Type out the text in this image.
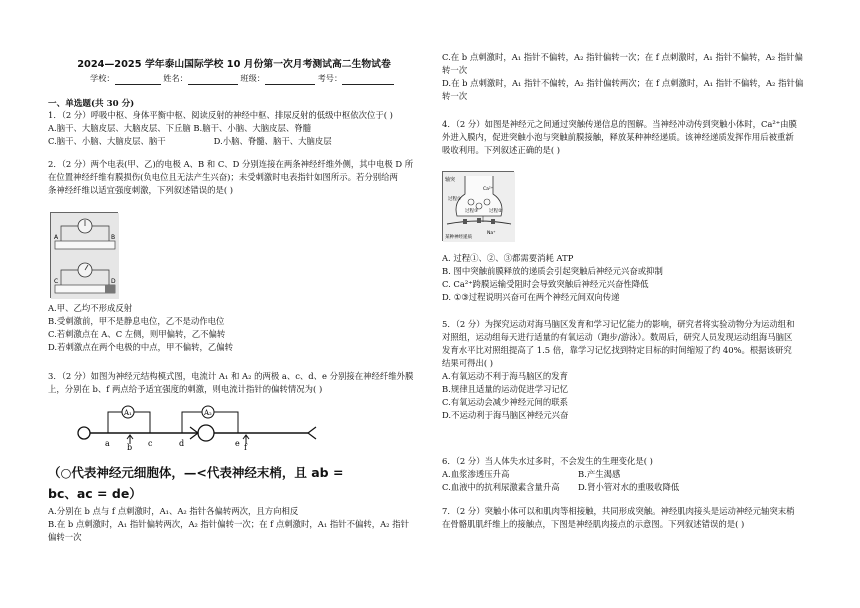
2024—2025 学年泰山国际学校 10 月份第一次月考测试高二生物试卷
学校：	姓名：	班级：	考号：
一、单选题(共 30 分)

1．（2 分）呼吸中枢、身体平衡中枢、阅读反射的神经中枢、排尿反射的低级中枢依次位于( )

A.脑干、大脑皮层、大脑皮层、下丘脑 B.脑干、小脑、大脑皮层、脊髓

C.脑干、小脑、大脑皮层、脑干	D.小脑、脊髓、脑干、大脑皮层

2．（2 分）两个电表(甲、乙)的电极 A、B 和 C、D 分别连接在两条神经纤维外侧，其中电极 D 所

在位置神经纤维有膜损伤(负电位且无法产生兴奋)；未受刺激时电表指针如图所示。若分别给两

条神经纤维以适宜强度刺激，下列叙述错误的是( )

A	B
C	D

A.甲、乙均不形成反射

B.受刺激前，甲不是静息电位，乙不是动作电位

C.若刺激点在 A、C 左侧，则甲偏转，乙不偏转

D.若刺激点在两个电极的中点，甲不偏转，乙偏转

3．（2 分）如图为神经元结构模式图，电流计 A₁ 和 A₂ 的两极 a、c、d、e 分别接在神经纤维外膜

上，分别在 b、f 两点给予适宜强度的刺激，则电流计指针的偏转情况为( )

A₁	A₂
a b c	d	e f

（○代表神经元细胞体，—<代表神经末梢，且 ab =

bc、ac = de）

A.分别在 b 点与 f 点刺激时，A₁、A₂ 指针各偏转两次，且方向相反

B.在 b 点刺激时，A₁ 指针偏转两次，A₂ 指针偏转一次；在 f 点刺激时，A₁ 指针不偏转，A₂ 指针

偏转一次

C.在 b 点刺激时，A₁ 指针不偏转，A₂ 指针偏转一次；在 f 点刺激时，A₁ 指针不偏转，A₂ 指针偏

转一次

D.在 b 点刺激时，A₁ 指针不偏转，A₂ 指针偏转两次；在 f 点刺激时，A₁ 指针不偏转，A₂ 指针偏

转一次

4．（2 分）如图是神经元之间通过突触传递信息的图解。当神经冲动传到突触小体时，Ca²⁺由膜

外进入膜内，促进突触小泡与突触前膜接触，释放某种神经递质。该神经递质发挥作用后被重新

吸收利用。下列叙述正确的是( )

轴突
过程①
过程②
过程③
Ca²⁺
Na⁺
某种神经递质

A. 过程①、②、③都需要消耗 ATP

B. 图中突触前膜释放的递质会引起突触后神经元兴奋或抑制

C. Ca²⁺跨膜运输受阻时会导致突触后神经元兴奋性降低

D. ①③过程说明兴奋可在两个神经元间双向传递

5．（2 分）为探究运动对海马脑区发育和学习记忆能力的影响，研究者将实验动物分为运动组和

对照组，运动组每天进行适量的有氧运动（跑步/游泳）。数周后，研究人员发现运动组海马脑区

发育水平比对照组提高了 1.5 倍，靠学习记忆找到特定目标的时间缩短了约 40%。根据该研究

结果可得出( )

A.有氧运动不利于海马脑区的发育

B.规律且适量的运动促进学习记忆

C.有氧运动会减少神经元间的联系

D.不运动利于海马脑区神经元兴奋

6．（2 分）当人体失水过多时，不会发生的生理变化是( )

A.血浆渗透压升高	B.产生渴感

C.血液中的抗利尿激素含量升高 D.肾小管对水的重吸收降低

7．（2 分）突触小体可以和肌肉等相接触，共同形成突触。神经肌肉接头是运动神经元轴突末梢

在骨骼肌肌纤维上的接触点，下图是神经肌肉接点的示意图。下列叙述错误的是( )
